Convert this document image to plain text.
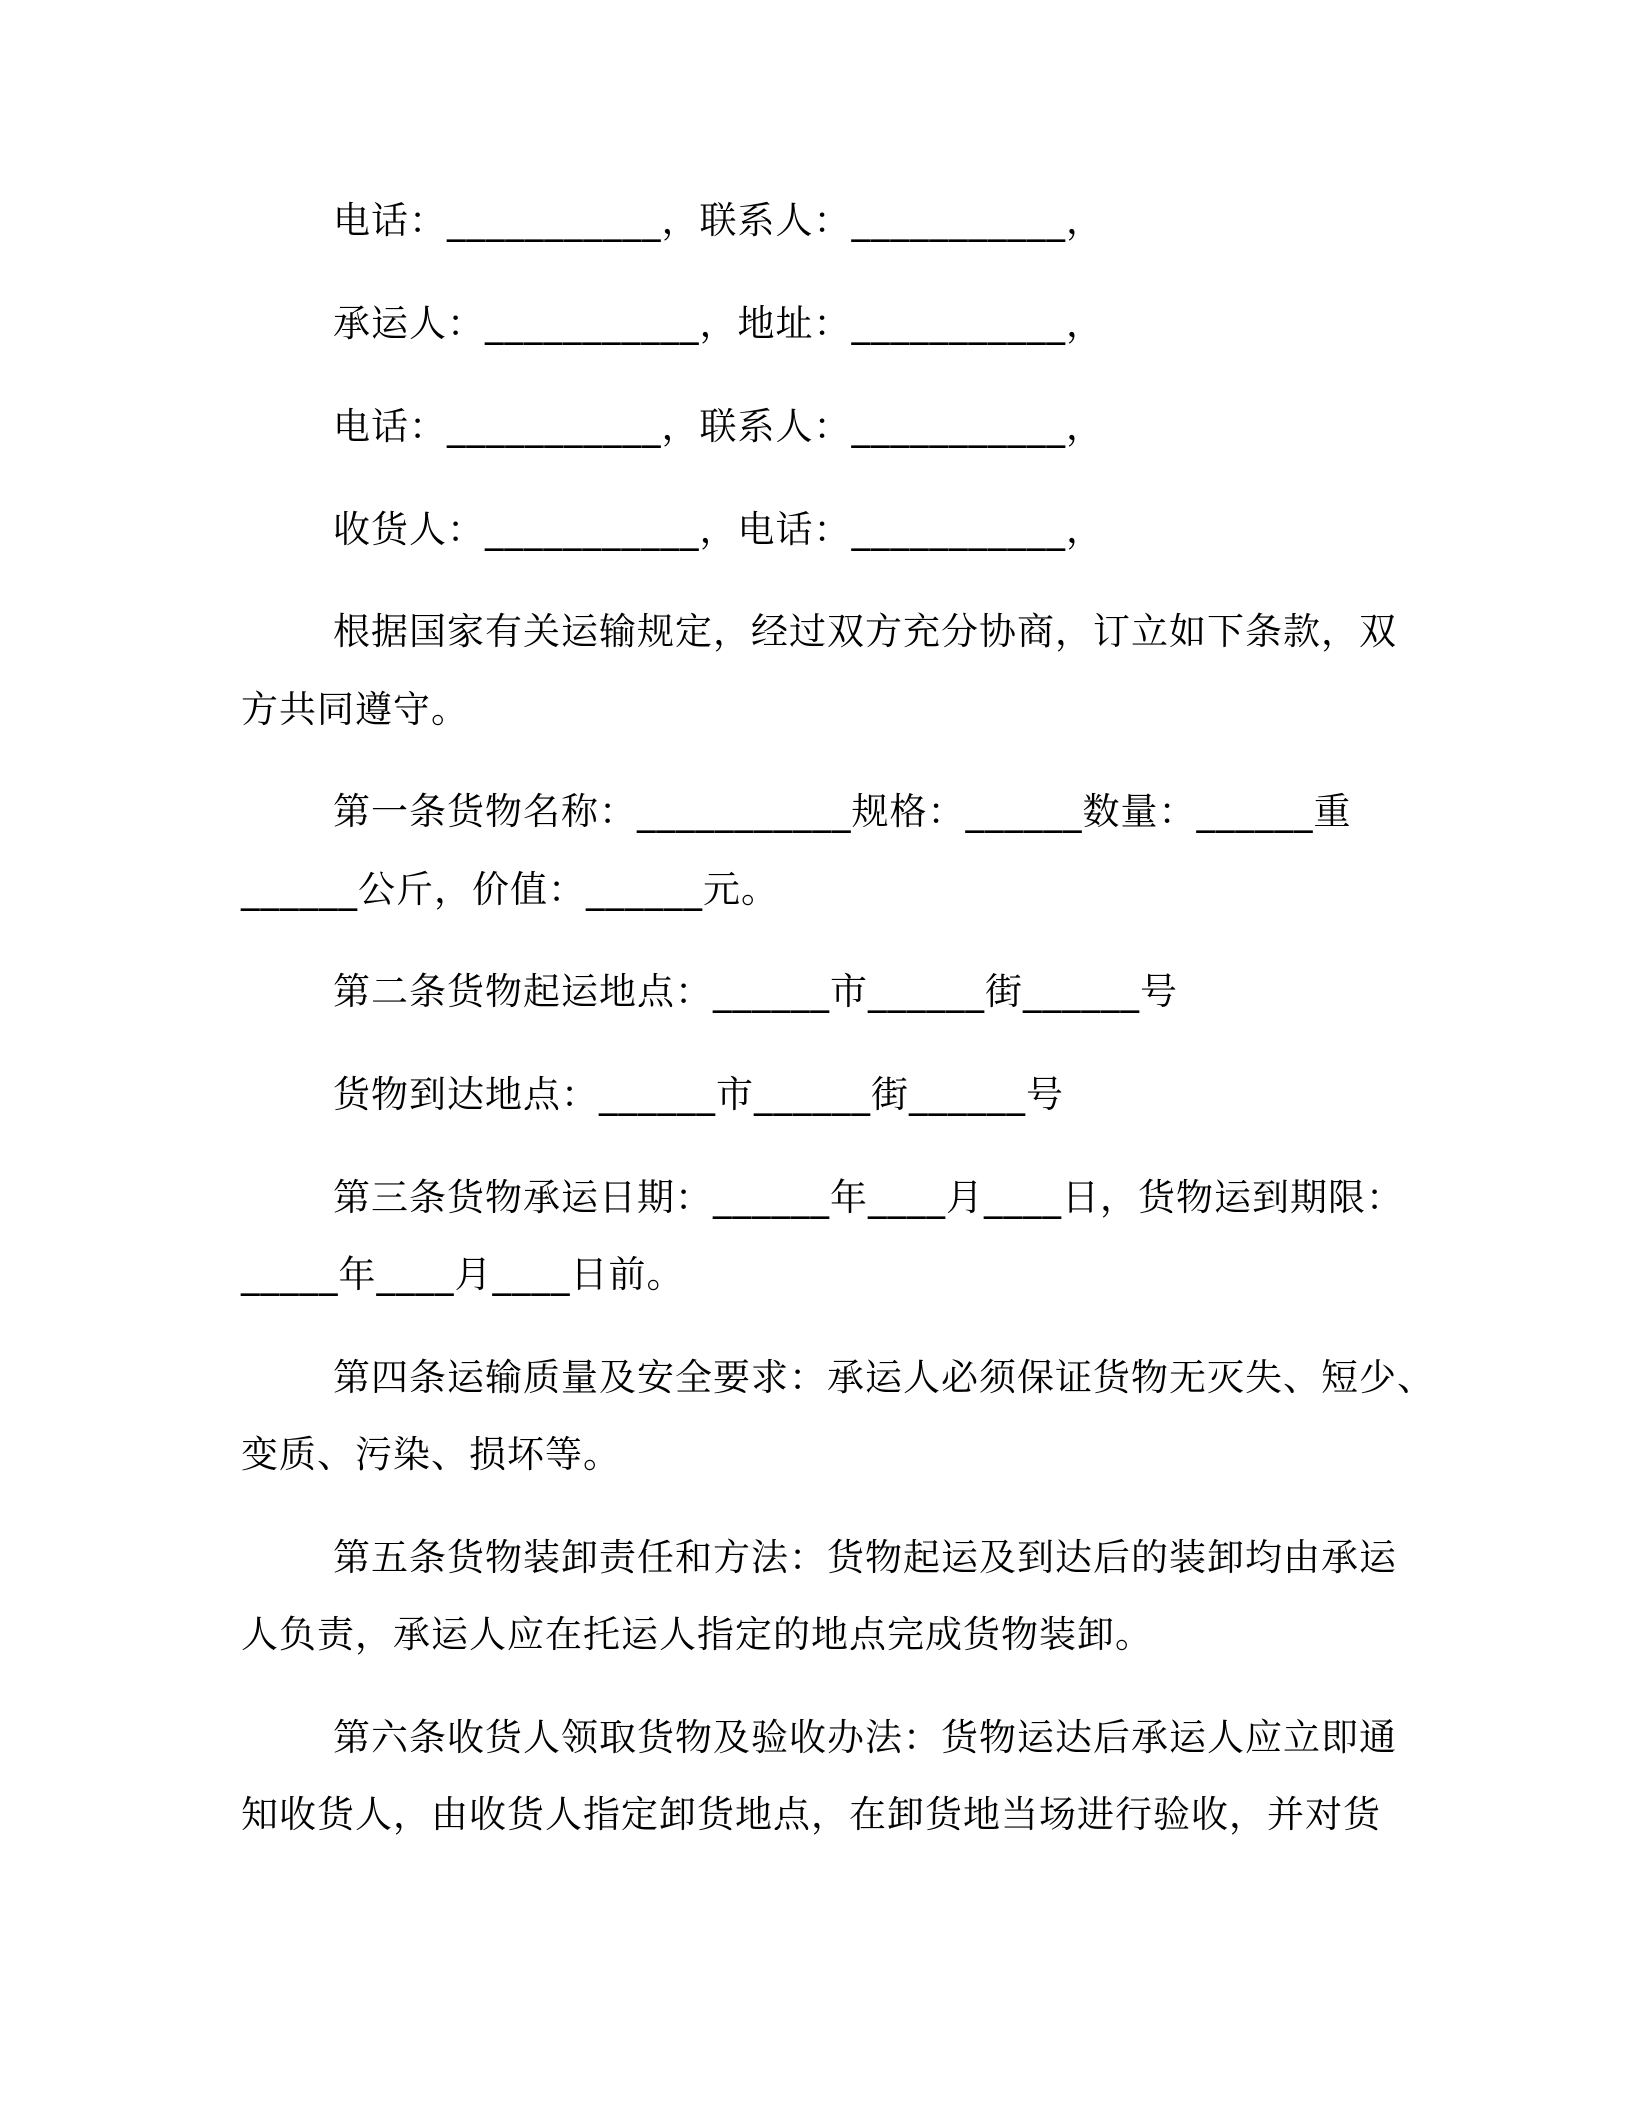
电话：___________，联系人：___________，
承运人：___________，地址：___________，
电话：___________，联系人：___________，
收货人：___________，电话：___________，
根据国家有关运输规定，经过双方充分协商，订立如下条款，双
方共同遵守。
第一条货物名称：___________规格：______数量：______重
______公斤，价值：______元。
第二条货物起运地点：______市______街______号
货物到达地点：______市______街______号
第三条货物承运日期：______年____月____日，货物运到期限：
_____年____月____日前。
第四条运输质量及安全要求：承运人必须保证货物无灭失、短少、
变质、污染、损坏等。
第五条货物装卸责任和方法：货物起运及到达后的装卸均由承运
人负责，承运人应在托运人指定的地点完成货物装卸。
第六条收货人领取货物及验收办法：货物运达后承运人应立即通
知收货人，由收货人指定卸货地点，在卸货地当场进行验收，并对货
